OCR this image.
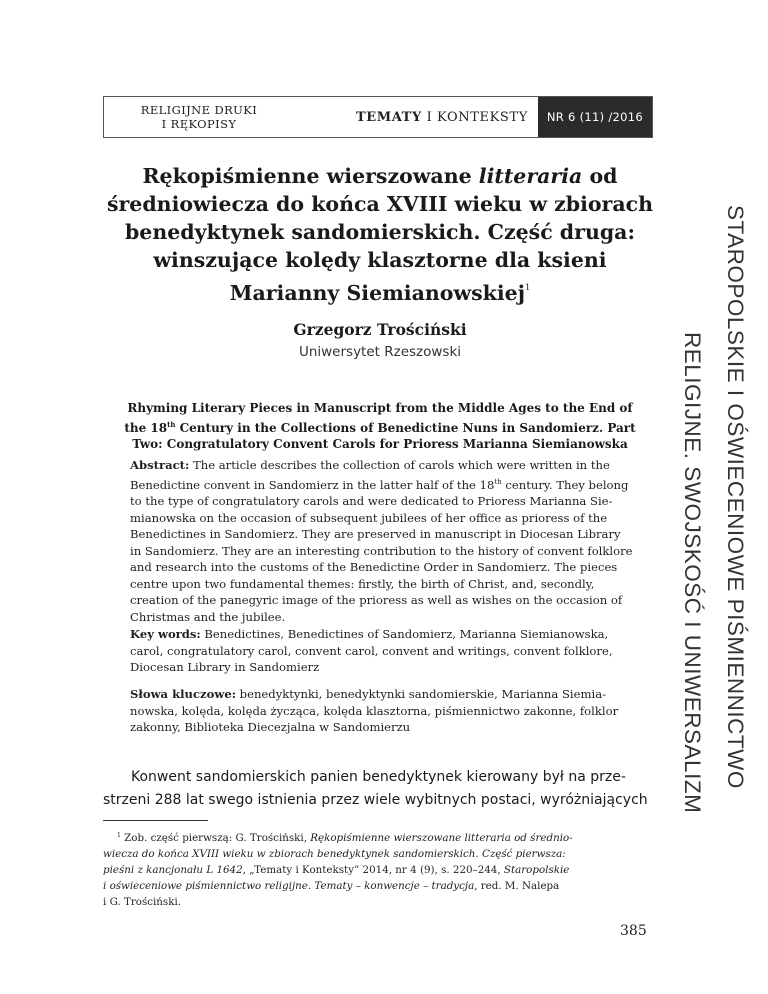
RELIGIJNE DRUKI
I RĘKOPISY	TEMATY I KONTEKSTY	NR 6 (11) /2016
Rękopiśmienne wierszowane litteraria od
średniowiecza do końca XVIII wieku w zbiorach
benedyktynek sandomierskich. Część druga:
winszujące kolędy klasztorne dla ksieni
Marianny Siemianowskiej$^1$
Grzegorz Trościński
Uniwersytet Rzeszowski
Rhyming Literary Pieces in Manuscript from the Middle Ages to the End of
the 18th Century in the Collections of Benedictine Nuns in Sandomierz. Part
Two: Congratulatory Convent Carols for Prioress Marianna Siemianowska
Abstract: The article describes the collection of carols which were written in the
Benedictine convent in Sandomierz in the latter half of the 18th century. They belong
to the type of congratulatory carols and were dedicated to Prioress Marianna Sie-
mianowska on the occasion of subsequent jubilees of her office as prioress of the
Benedictines in Sandomierz. They are preserved in manuscript in Diocesan Library
in Sandomierz. They are an interesting contribution to the history of convent folklore
and research into the customs of the Benedictine Order in Sandomierz. The pieces
centre upon two fundamental themes: firstly, the birth of Christ, and, secondly,
creation of the panegyric image of the prioress as well as wishes on the occasion of
Christmas and the jubilee.
Key words: Benedictines, Benedictines of Sandomierz, Marianna Siemianowska,
carol, congratulatory carol, convent carol, convent and writings, convent folklore,
Diocesan Library in Sandomierz
Słowa kluczowe: benedyktynki, benedyktynki sandomierskie, Marianna Siemia-
nowska, kolęda, kolęda życząca, kolęda klasztorna, piśmiennictwo zakonne, folklor
zakonny, Biblioteka Diecezjalna w Sandomierzu
Konwent sandomierskich panien benedyktynek kierowany był na prze-
strzeni 288 lat swego istnienia przez wiele wybitnych postaci, wyróżniających
$^1$ Zob. część pierwszą: G. Trościński, Rękopiśmienne wierszowane litteraria od średnio-
wiecza do końca XVIII wieku w zbiorach benedyktynek sandomierskich. Część pierwsza:
pieśni z kancjonału L 1642, „Tematy i Konteksty” 2014, nr 4 (9), s. 220–244, Staropolskie
i oświeceniowe piśmiennictwo religijne. Tematy – konwencje – tradycja, red. M. Nalepa
i G. Trościński.
385
STAROPOLSKIE I OŚWIECENIOWE PIŚMIENNICTWO
RELIGIJNE. SWOJSKOŚĆ I UNIWERSALIZM
